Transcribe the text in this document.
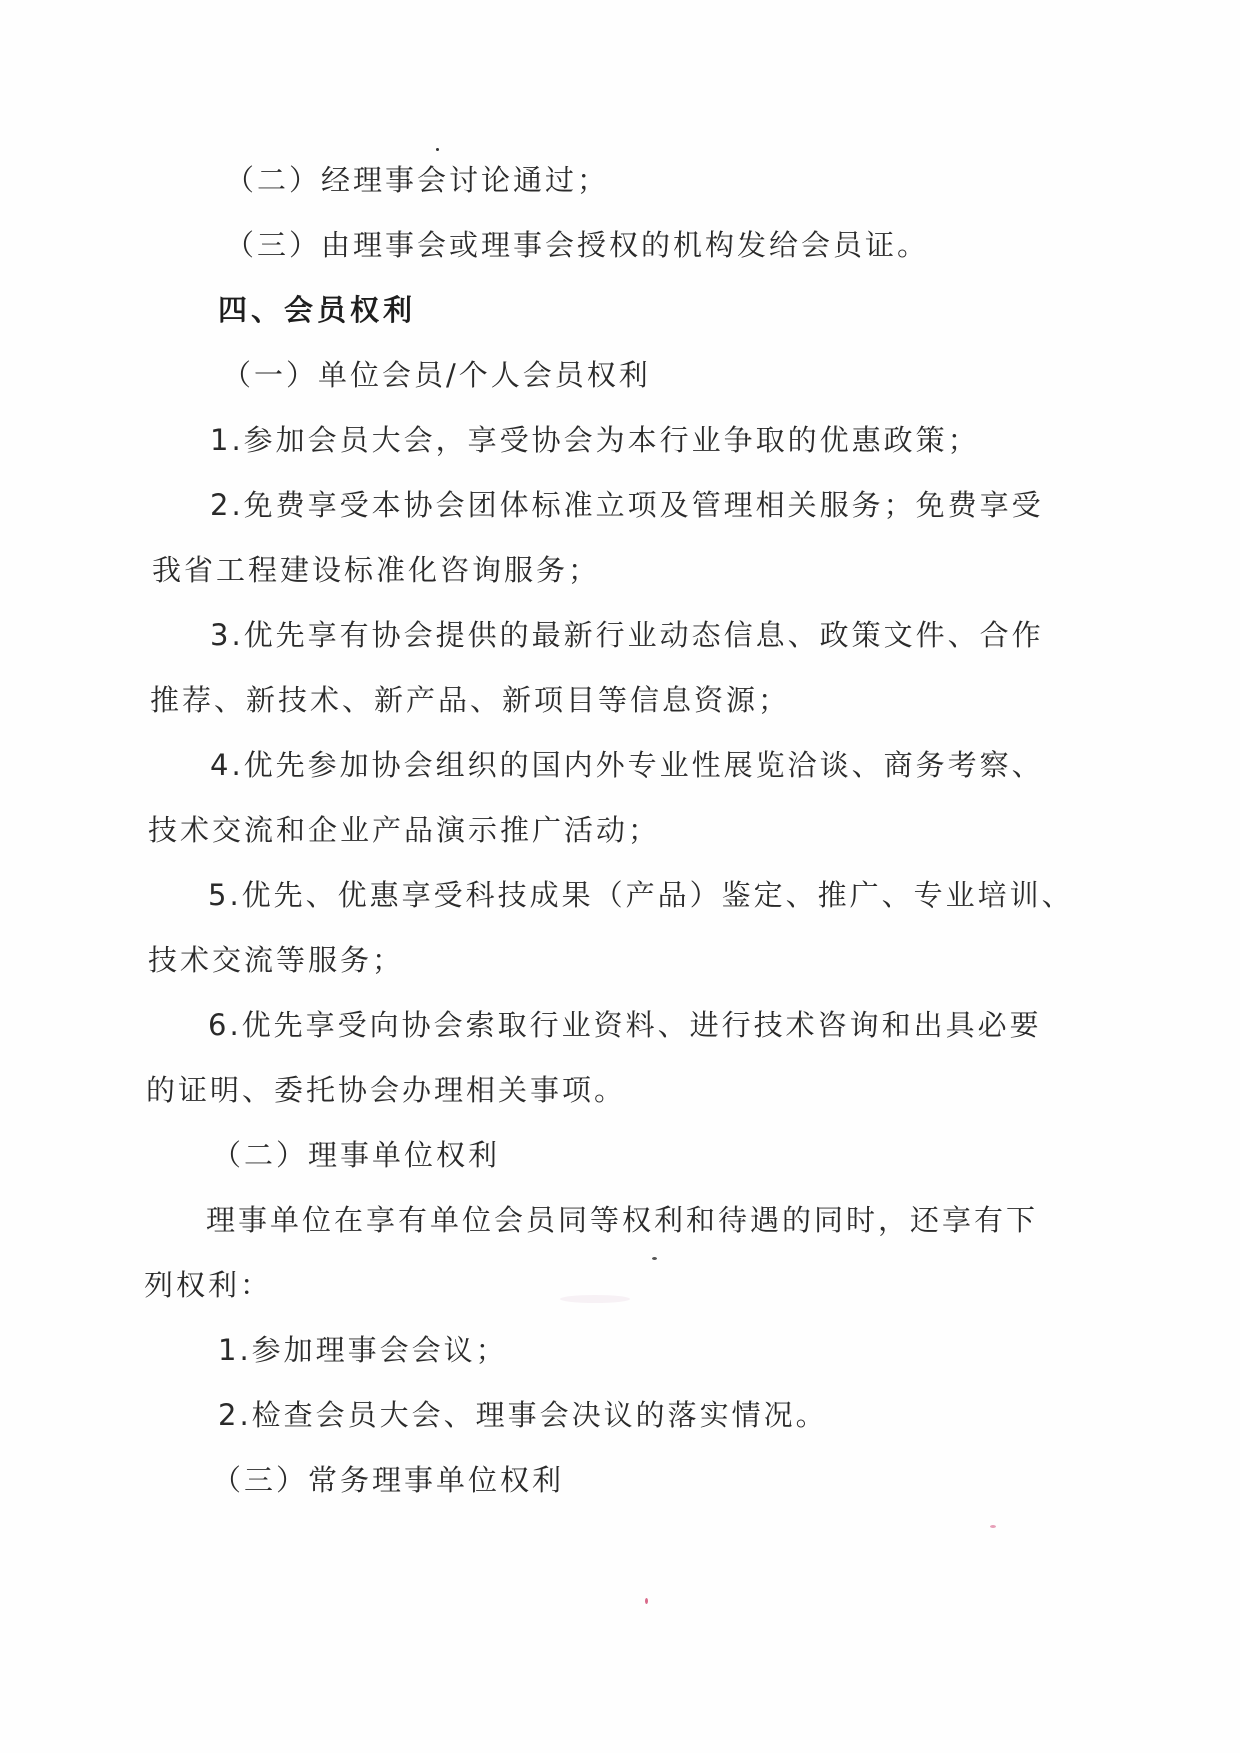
（二）经理事会讨论通过；
（三）由理事会或理事会授权的机构发给会员证。
四、会员权利
（一）单位会员/个人会员权利
1.参加会员大会，享受协会为本行业争取的优惠政策；
2.免费享受本协会团体标准立项及管理相关服务；免费享受
我省工程建设标准化咨询服务；
3.优先享有协会提供的最新行业动态信息、政策文件、合作
推荐、新技术、新产品、新项目等信息资源；
4.优先参加协会组织的国内外专业性展览洽谈、商务考察、
技术交流和企业产品演示推广活动；
5.优先、优惠享受科技成果（产品）鉴定、推广、专业培训、
技术交流等服务；
6.优先享受向协会索取行业资料、进行技术咨询和出具必要
的证明、委托协会办理相关事项。
（二）理事单位权利
理事单位在享有单位会员同等权利和待遇的同时，还享有下
列权利：
1.参加理事会会议；
2.检查会员大会、理事会决议的落实情况。
（三）常务理事单位权利
